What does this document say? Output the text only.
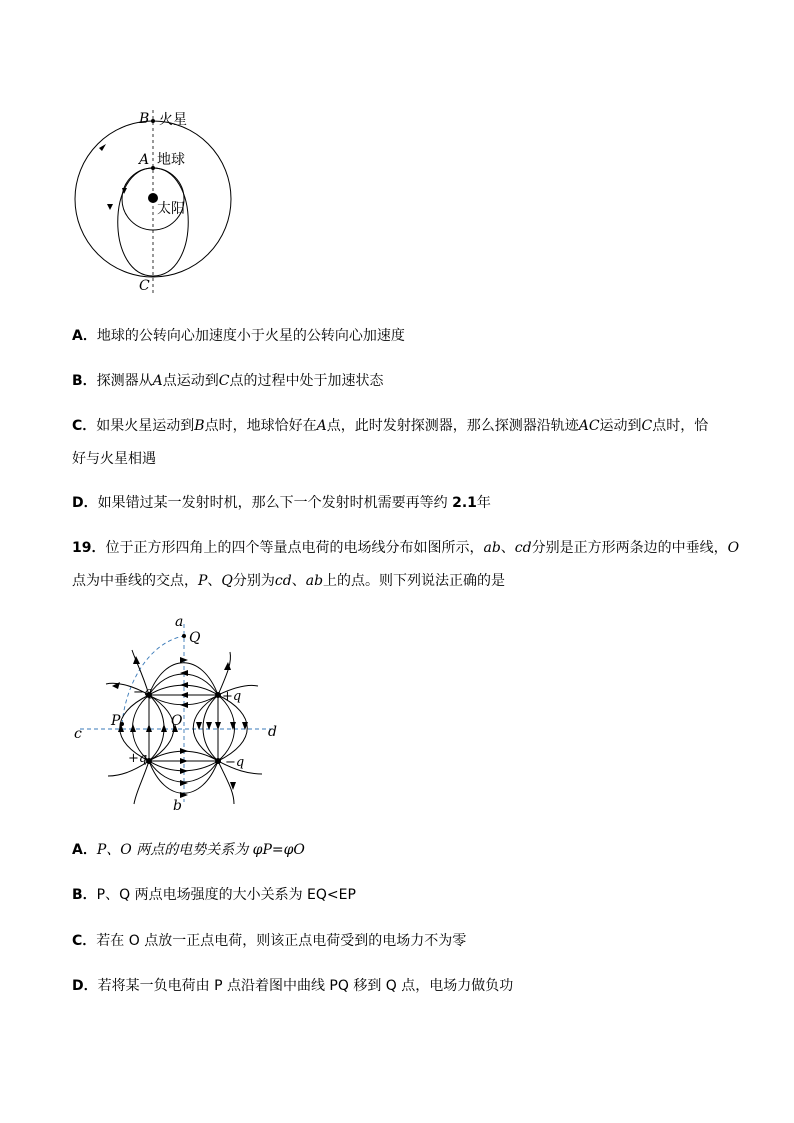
B 火星
A 地球
太阳
C
A．地球的公转向心加速度小于火星的公转向心加速度
B．探测器从A点运动到C点的过程中处于加速状态
C．如果火星运动到B点时，地球恰好在A点，此时发射探测器，那么探测器沿轨迹AC运动到C点时，恰
好与火星相遇
D．如果错过某一发射时机，那么下一个发射时机需要再等约 2.1年
19．位于正方形四角上的四个等量点电荷的电场线分布如图所示，ab、cd分别是正方形两条边的中垂线，O
点为中垂线的交点，P、Q分别为cd、ab上的点。则下列说法正确的是
a
Q
−q	+q
P	O
c	d
+q	−q
b
A．P、O 两点的电势关系为 φP=φO
B．P、Q 两点电场强度的大小关系为 EQ<EP
C．若在 O 点放一正点电荷，则该正点电荷受到的电场力不为零
D．若将某一负电荷由 P 点沿着图中曲线 PQ 移到 Q 点，电场力做负功
